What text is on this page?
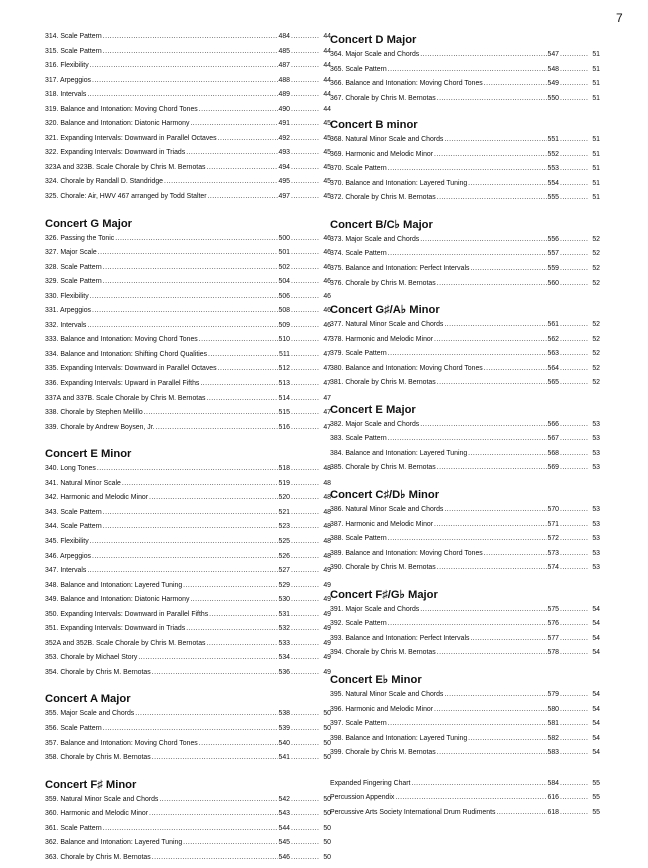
7
314. Scale Pattern .....	484 .....	44
315. Scale Pattern .....	485 .....	44
316. Flexibility .....	487 .....	44
317. Arpeggios .....	488 .....	44
318. Intervals .....	489 .....	44
319. Balance and Intonation: Moving Chord Tones .....	490 .....	44
320. Balance and Intonation: Diatonic Harmony .....	491 .....	45
321. Expanding Intervals: Downward in Parallel Octaves .....	492 .....	45
322. Expanding Intervals: Downward in Triads .....	493 .....	45
323A and 323B. Scale Chorale by Chris M. Bernotas .....	494 .....	45
324. Chorale by Randall D. Standridge .....	495 .....	45
325. Chorale: Air, HWV 467 arranged by Todd Stalter .....	497 .....	45
Concert G Major
326. Passing the Tonic .....	500 .....	46
327. Major Scale .....	501 .....	46
328. Scale Pattern .....	502 .....	46
329. Scale Pattern .....	504 .....	46
330. Flexibility .....	506 .....	46
331. Arpeggios .....	508 .....	46
332. Intervals .....	509 .....	46
333. Balance and Intonation: Moving Chord Tones .....	510 .....	47
334. Balance and Intonation: Shifting Chord Qualities .....	511 .....	47
335. Expanding Intervals: Downward in Parallel Octaves .....	512 .....	47
336. Expanding Intervals: Upward in Parallel Fifths .....	513 .....	47
337A and 337B. Scale Chorale by Chris M. Bernotas .....	514 .....	47
338. Chorale by Stephen Melillo .....	515 .....	47
339. Chorale by Andrew Boysen, Jr. .....	516 .....	47
Concert E Minor
340. Long Tones .....	518 .....	48
341. Natural Minor Scale .....	519 .....	48
342. Harmonic and Melodic Minor .....	520 .....	48
343. Scale Pattern .....	521 .....	48
344. Scale Pattern .....	523 .....	48
345. Flexibility .....	525 .....	48
346. Arpeggios .....	526 .....	48
347. Intervals .....	527 .....	49
348. Balance and Intonation: Layered Tuning .....	529 .....	49
349. Balance and Intonation: Diatonic Harmony .....	530 .....	49
350. Expanding Intervals: Downward in Parallel Fifths .....	531 .....	49
351. Expanding Intervals: Downward in Triads .....	532 .....	49
352A and 352B. Scale Chorale by Chris M. Bernotas .....	533 .....	49
353. Chorale by Michael Story .....	534 .....	49
354. Chorale by Chris M. Bernotas .....	536 .....	49
Concert A Major
355. Major Scale and Chords .....	538 .....	50
356. Scale Pattern .....	539 .....	50
357. Balance and Intonation: Moving Chord Tones .....	540 .....	50
358. Chorale by Chris M. Bernotas .....	541 .....	50
Concert F♯ Minor
359. Natural Minor Scale and Chords .....	542 .....	50
360. Harmonic and Melodic Minor .....	543 .....	50
361. Scale Pattern .....	544 .....	50
362. Balance and Intonation: Layered Tuning .....	545 .....	50
363. Chorale by Chris M. Bernotas .....	546 .....	50
Concert D Major
364. Major Scale and Chords .....	547 .....	51
365. Scale Pattern .....	548 .....	51
366. Balance and Intonation: Moving Chord Tones .....	549 .....	51
367. Chorale by Chris M. Bernotas .....	550 .....	51
Concert B minor
368. Natural Minor Scale and Chords .....	551 .....	51
369. Harmonic and Melodic Minor .....	552 .....	51
370. Scale Pattern .....	553 .....	51
370. Balance and Intonation: Layered Tuning .....	554 .....	51
372. Chorale by Chris M. Bernotas .....	555 .....	51
Concert B/C♭ Major
373. Major Scale and Chords .....	556 .....	52
374. Scale Pattern .....	557 .....	52
375. Balance and Intonation: Perfect Intervals .....	559 .....	52
376. Chorale by Chris M. Bernotas .....	560 .....	52
Concert G♯/A♭ Minor
377. Natural Minor Scale and Chords .....	561 .....	52
378. Harmonic and Melodic Minor .....	562 .....	52
379. Scale Pattern .....	563 .....	52
380. Balance and Intonation: Moving Chord Tones .....	564 .....	52
381. Chorale by Chris M. Bernotas .....	565 .....	52
Concert E Major
382. Major Scale and Chords .....	566 .....	53
383. Scale Pattern .....	567 .....	53
384. Balance and Intonation: Layered Tuning .....	568 .....	53
385. Chorale by Chris M. Bernotas .....	569 .....	53
Concert C♯/D♭ Minor
386. Natural Minor Scale and Chords .....	570 .....	53
387. Harmonic and Melodic Minor .....	571 .....	53
388. Scale Pattern .....	572 .....	53
389. Balance and Intonation: Moving Chord Tones .....	573 .....	53
390. Chorale by Chris M. Bernotas .....	574 .....	53
Concert F♯/G♭ Major
391. Major Scale and Chords .....	575 .....	54
392. Scale Pattern .....	576 .....	54
393. Balance and Intonation: Perfect Intervals .....	577 .....	54
394. Chorale by Chris M. Bernotas .....	578 .....	54
Concert E♭ Minor
395. Natural Minor Scale and Chords .....	579 .....	54
396. Harmonic and Melodic Minor .....	580 .....	54
397. Scale Pattern .....	581 .....	54
398. Balance and Intonation: Layered Tuning .....	582 .....	54
399. Chorale by Chris M. Bernotas .....	583 .....	54
Expanded Fingering Chart .....	584 .....	55
Percussion Appendix .....	616 .....	55
Percussive Arts Society International Drum Rudiments .....	618 .....	55
